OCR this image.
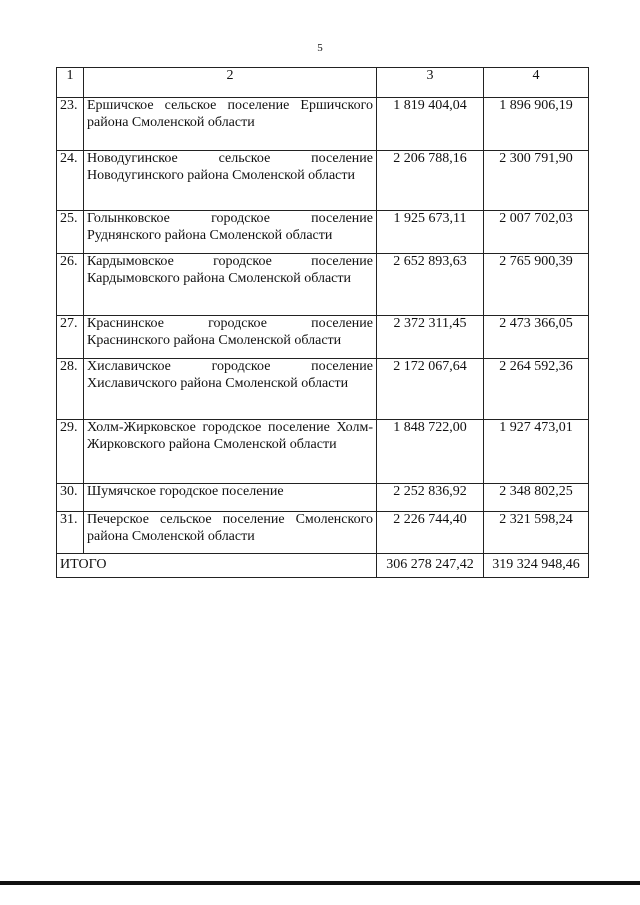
5
1	2	3	4
23.	Ершичское сельское поселение Ершичского района Смоленской области	1 819 404,04	1 896 906,19
24.	Новодугинское сельское поселение Новодугинского района Смоленской области	2 206 788,16	2 300 791,90
25.	Голынковское городское поселение Руднянского района Смоленской области	1 925 673,11	2 007 702,03
26.	Кардымовское городское поселение Кардымовского района Смоленской области	2 652 893,63	2 765 900,39
27.	Краснинское городское поселение Краснинского района Смоленской области	2 372 311,45	2 473 366,05
28.	Хиславичское городское поселение Хиславичского района Смоленской области	2 172 067,64	2 264 592,36
29.	Холм-Жирковское городское поселение Холм-Жирковского района Смоленской области	1 848 722,00	1 927 473,01
30.	Шумячское городское поселение	2 252 836,92	2 348 802,25
31.	Печерское сельское поселение Смоленского района Смоленской области	2 226 744,40	2 321 598,24
ИТОГО		306 278 247,42	319 324 948,46
